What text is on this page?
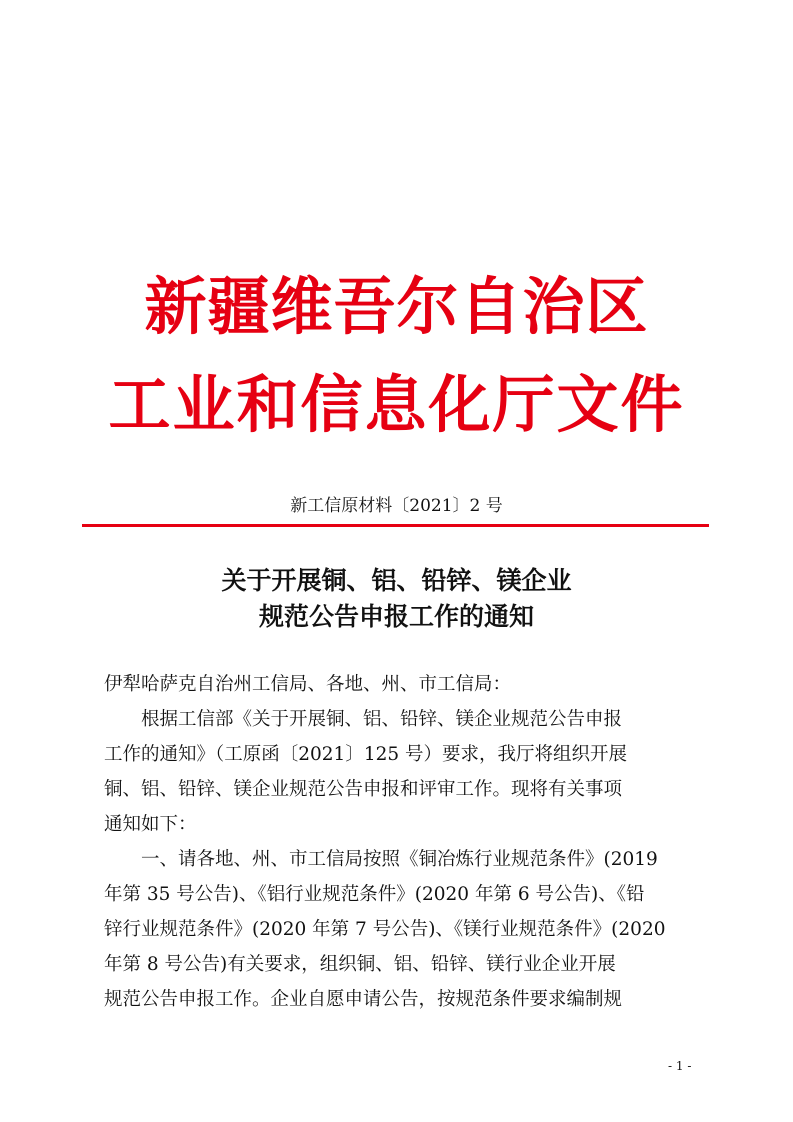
新疆维吾尔自治区
工业和信息化厅文件
新工信原材料〔2021〕2 号
关于开展铜、铝、铅锌、镁企业
规范公告申报工作的通知
伊犁哈萨克自治州工信局、各地、州、市工信局：
　　根据工信部《关于开展铜、铝、铅锌、镁企业规范公告申报
工作的通知》（工原函〔2021〕125 号）要求，我厅将组织开展
铜、铝、铅锌、镁企业规范公告申报和评审工作。现将有关事项
通知如下：
　　一、请各地、州、市工信局按照《铜冶炼行业规范条件》(2019
年第 35 号公告)、《铝行业规范条件》(2020 年第 6 号公告)、《铅
锌行业规范条件》(2020 年第 7 号公告)、《镁行业规范条件》(2020
年第 8 号公告)有关要求，组织铜、铝、铅锌、镁行业企业开展
规范公告申报工作。企业自愿申请公告，按规范条件要求编制规
- 1 -
